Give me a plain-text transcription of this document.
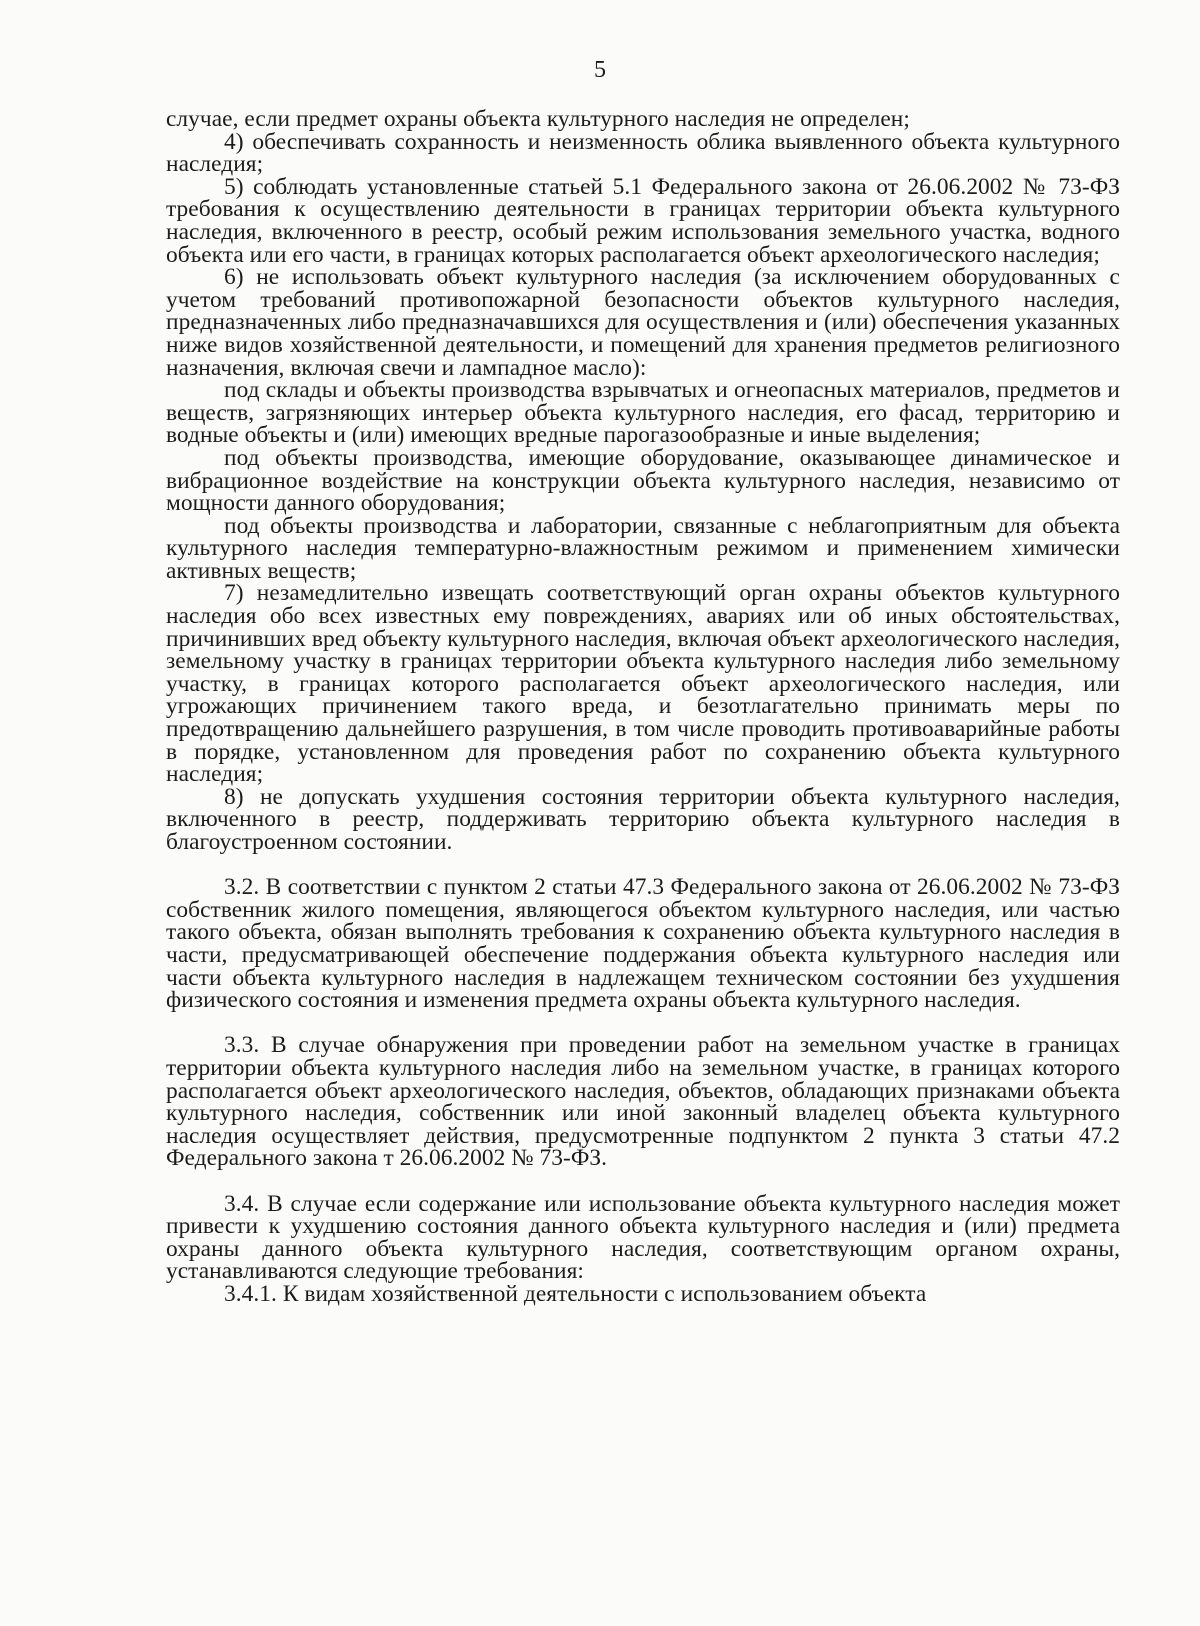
5

случае, если предмет охраны объекта культурного наследия не определен;

4) обеспечивать сохранность и неизменность облика выявленного объекта культурного наследия;

5) соблюдать установленные статьей 5.1 Федерального закона от 26.06.2002 № 73-ФЗ требования к осуществлению деятельности в границах территории объекта культурного наследия, включенного в реестр, особый режим использования земельного участка, водного объекта или его части, в границах которых располагается объект археологического наследия;

6) не использовать объект культурного наследия (за исключением оборудованных с учетом требований противопожарной безопасности объектов культурного наследия, предназначенных либо предназначавшихся для осуществления и (или) обеспечения указанных ниже видов хозяйственной деятельности, и помещений для хранения предметов религиозного назначения, включая свечи и лампадное масло):

под склады и объекты производства взрывчатых и огнеопасных материалов, предметов и веществ, загрязняющих интерьер объекта культурного наследия, его фасад, территорию и водные объекты и (или) имеющих вредные парогазообразные и иные выделения;

под объекты производства, имеющие оборудование, оказывающее динамическое и вибрационное воздействие на конструкции объекта культурного наследия, независимо от мощности данного оборудования;

под объекты производства и лаборатории, связанные с неблагоприятным для объекта культурного наследия температурно-влажностным режимом и применением химически активных веществ;

7) незамедлительно извещать соответствующий орган охраны объектов культурного наследия обо всех известных ему повреждениях, авариях или об иных обстоятельствах, причинивших вред объекту культурного наследия, включая объект археологического наследия, земельному участку в границах территории объекта культурного наследия либо земельному участку, в границах которого располагается объект археологического наследия, или угрожающих причинением такого вреда, и безотлагательно принимать меры по предотвращению дальнейшего разрушения, в том числе проводить противоаварийные работы в порядке, установленном для проведения работ по сохранению объекта культурного наследия;

8) не допускать ухудшения состояния территории объекта культурного наследия, включенного в реестр, поддерживать территорию объекта культурного наследия в благоустроенном состоянии.

3.2. В соответствии с пунктом 2 статьи 47.3 Федерального закона от 26.06.2002 № 73-ФЗ собственник жилого помещения, являющегося объектом культурного наследия, или частью такого объекта, обязан выполнять требования к сохранению объекта культурного наследия в части, предусматривающей обеспечение поддержания объекта культурного наследия или части объекта культурного наследия в надлежащем техническом состоянии без ухудшения физического состояния и изменения предмета охраны объекта культурного наследия.

3.3. В случае обнаружения при проведении работ на земельном участке в границах территории объекта культурного наследия либо на земельном участке, в границах которого располагается объект археологического наследия, объектов, обладающих признаками объекта культурного наследия, собственник или иной законный владелец объекта культурного наследия осуществляет действия, предусмотренные подпунктом 2 пункта 3 статьи 47.2 Федерального закона т 26.06.2002 № 73-ФЗ.

3.4. В случае если содержание или использование объекта культурного наследия может привести к ухудшению состояния данного объекта культурного наследия и (или) предмета охраны данного объекта культурного наследия, соответствующим органом охраны, устанавливаются следующие требования:

3.4.1. К видам хозяйственной деятельности с использованием объекта
